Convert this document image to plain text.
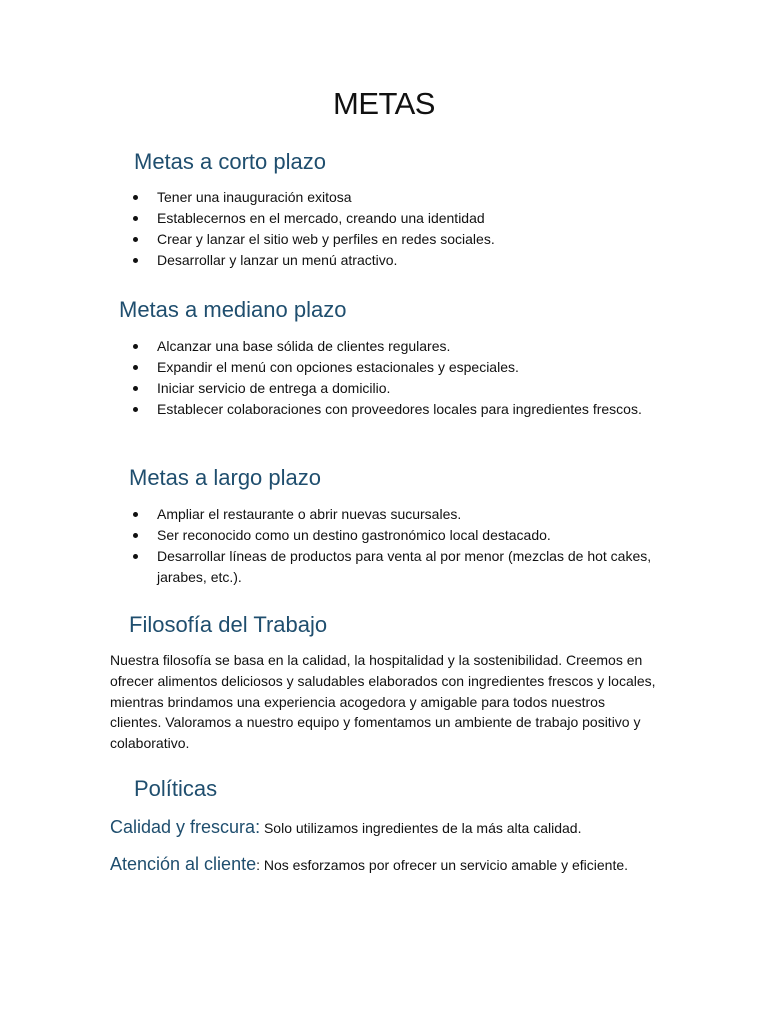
METAS
Metas a corto plazo
Tener una inauguración exitosa
Establecernos en el mercado, creando una identidad
Crear y lanzar el sitio web y perfiles en redes sociales.
Desarrollar y lanzar un menú atractivo.
Metas a mediano plazo
Alcanzar una base sólida de clientes regulares.
Expandir el menú con opciones estacionales y especiales.
Iniciar servicio de entrega a domicilio.
Establecer colaboraciones con proveedores locales para ingredientes frescos.
Metas a largo plazo
Ampliar el restaurante o abrir nuevas sucursales.
Ser reconocido como un destino gastronómico local destacado.
Desarrollar líneas de productos para venta al por menor (mezclas de hot cakes, jarabes, etc.).
Filosofía del Trabajo

Nuestra filosofía se basa en la calidad, la hospitalidad y la sostenibilidad. Creemos en ofrecer alimentos deliciosos y saludables elaborados con ingredientes frescos y locales, mientras brindamos una experiencia acogedora y amigable para todos nuestros clientes. Valoramos a nuestro equipo y fomentamos un ambiente de trabajo positivo y colaborativo.

Políticas

Calidad y frescura: Solo utilizamos ingredientes de la más alta calidad.

Atención al cliente: Nos esforzamos por ofrecer un servicio amable y eficiente.
